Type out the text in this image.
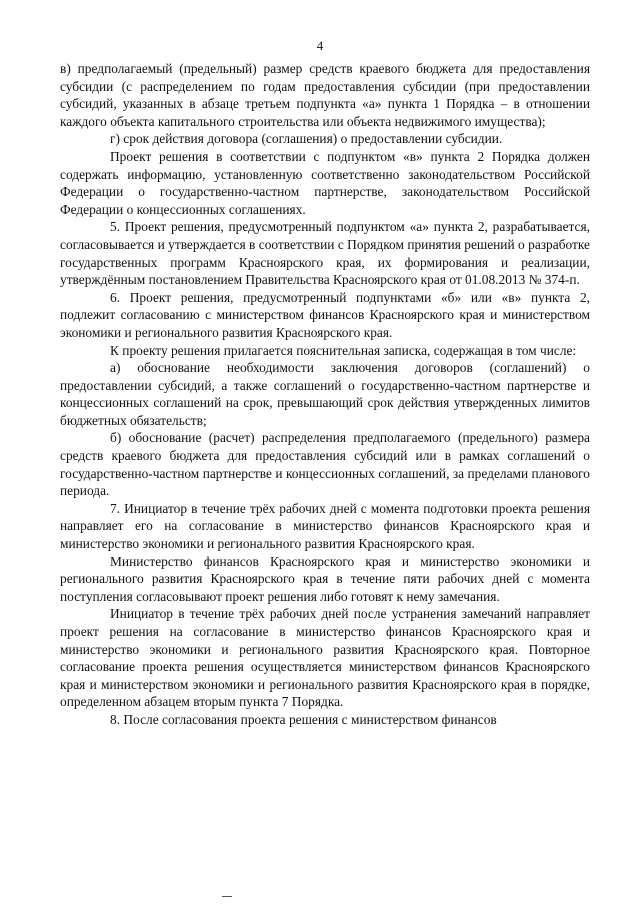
4

в) предполагаемый (предельный) размер средств краевого бюджета для предоставления субсидии (с распределением по годам предоставления субсидии (при предоставлении субсидий, указанных в абзаце третьем подпункта «а» пункта 1 Порядка – в отношении каждого объекта капитального строительства или объекта недвижимого имущества);

г) срок действия договора (соглашения) о предоставлении субсидии.

Проект решения в соответствии с подпунктом «в» пункта 2 Порядка должен содержать информацию, установленную соответственно законодательством Российской Федерации о государственно-частном партнерстве, законодательством Российской Федерации о концессионных соглашениях.

5. Проект решения, предусмотренный подпунктом «а» пункта 2, разрабатывается, согласовывается и утверждается в соответствии с Порядком принятия решений о разработке государственных программ Красноярского края, их формирования и реализации, утверждённым постановлением Правительства Красноярского края от 01.08.2013 № 374-п.

6. Проект решения, предусмотренный подпунктами «б» или «в» пункта 2, подлежит согласованию с министерством финансов Красноярского края и министерством экономики и регионального развития Красноярского края.

К проекту решения прилагается пояснительная записка, содержащая в том числе:

а) обоснование необходимости заключения договоров (соглашений) о предоставлении субсидий, а также соглашений о государственно-частном партнерстве и концессионных соглашений на срок, превышающий срок действия утвержденных лимитов бюджетных обязательств;

б) обоснование (расчет) распределения предполагаемого (предельного) размера средств краевого бюджета для предоставления субсидий или в рамках соглашений о государственно-частном партнерстве и концессионных соглашений, за пределами планового периода.

7. Инициатор в течение трёх рабочих дней с момента подготовки проекта решения направляет его на согласование в министерство финансов Красноярского края и министерство экономики и регионального развития Красноярского края.

Министерство финансов Красноярского края и министерство экономики и регионального развития Красноярского края в течение пяти рабочих дней с момента поступления согласовывают проект решения либо готовят к нему замечания.

Инициатор в течение трёх рабочих дней после устранения замечаний направляет проект решения на согласование в министерство финансов Красноярского края и министерство экономики и регионального развития Красноярского края. Повторное согласование проекта решения осуществляется министерством финансов Красноярского края и министерством экономики и регионального развития Красноярского края в порядке, определенном абзацем вторым пункта 7 Порядка.

8. После согласования проекта решения с министерством финансов
